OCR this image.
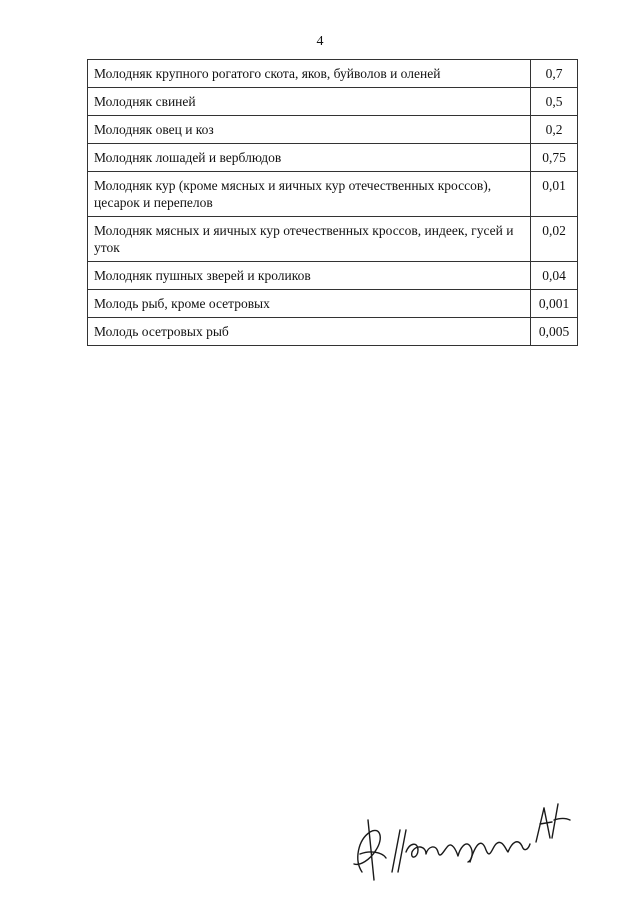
4
Молодняк крупного рогатого скота, яков, буйволов и оленей	0,7
Молодняк свиней	0,5
Молодняк овец и коз	0,2
Молодняк лошадей и верблюдов	0,75
Молодняк кур (кроме мясных и яичных кур отечественных кроссов), цесарок и перепелов	0,01
Молодняк мясных и яичных кур отечественных кроссов, индеек, гусей и уток	0,02
Молодняк пушных зверей и кроликов	0,04
Молодь рыб, кроме осетровых	0,001
Молодь осетровых рыб	0,005
